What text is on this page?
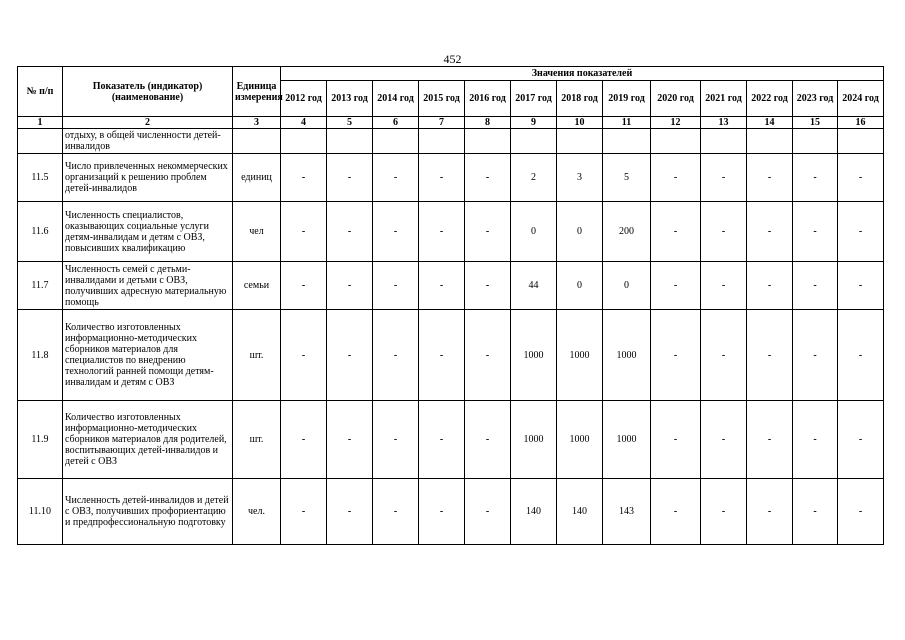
452
№ п/п	Показатель (индикатор) (наименование)	Единица измерения	Значения показателей												
			2012 год	2013 год	2014 год	2015 год	2016 год	2017 год	2018 год	2019 год	2020 год	2021 год	2022 год	2023 год	2024 год
1	2	3	4	5	6	7	8	9	10	11	12	13	14	15	16
	отдыху, в общей численности детей-инвалидов														
11.5	Число привлеченных некоммерческих организаций к решению проблем детей-инвалидов	единиц	-	-	-	-	-	2	3	5	-	-	-	-	-
11.6	Численность специалистов, оказывающих социальные услуги детям-инвалидам и детям с ОВЗ, повысивших квалификацию	чел	-	-	-	-	-	0	0	200	-	-	-	-	-
11.7	Численность семей с детьми-инвалидами и детьми с ОВЗ, получивших адресную материальную помощь	семьи	-	-	-	-	-	44	0	0	-	-	-	-	-
11.8	Количество изготовленных информационно-методических сборников материалов для специалистов по внедрению технологий ранней помощи детям-инвалидам и детям с ОВЗ	шт.	-	-	-	-	-	1000	1000	1000	-	-	-	-	-
11.9	Количество изготовленных информационно-методических сборников материалов для родителей, воспитывающих детей-инвалидов и детей с ОВЗ	шт.	-	-	-	-	-	1000	1000	1000	-	-	-	-	-
11.10	Численность детей-инвалидов и детей с ОВЗ, получивших профориентацию и предпрофессиональную подготовку	чел.	-	-	-	-	-	140	140	143	-	-	-	-	-
